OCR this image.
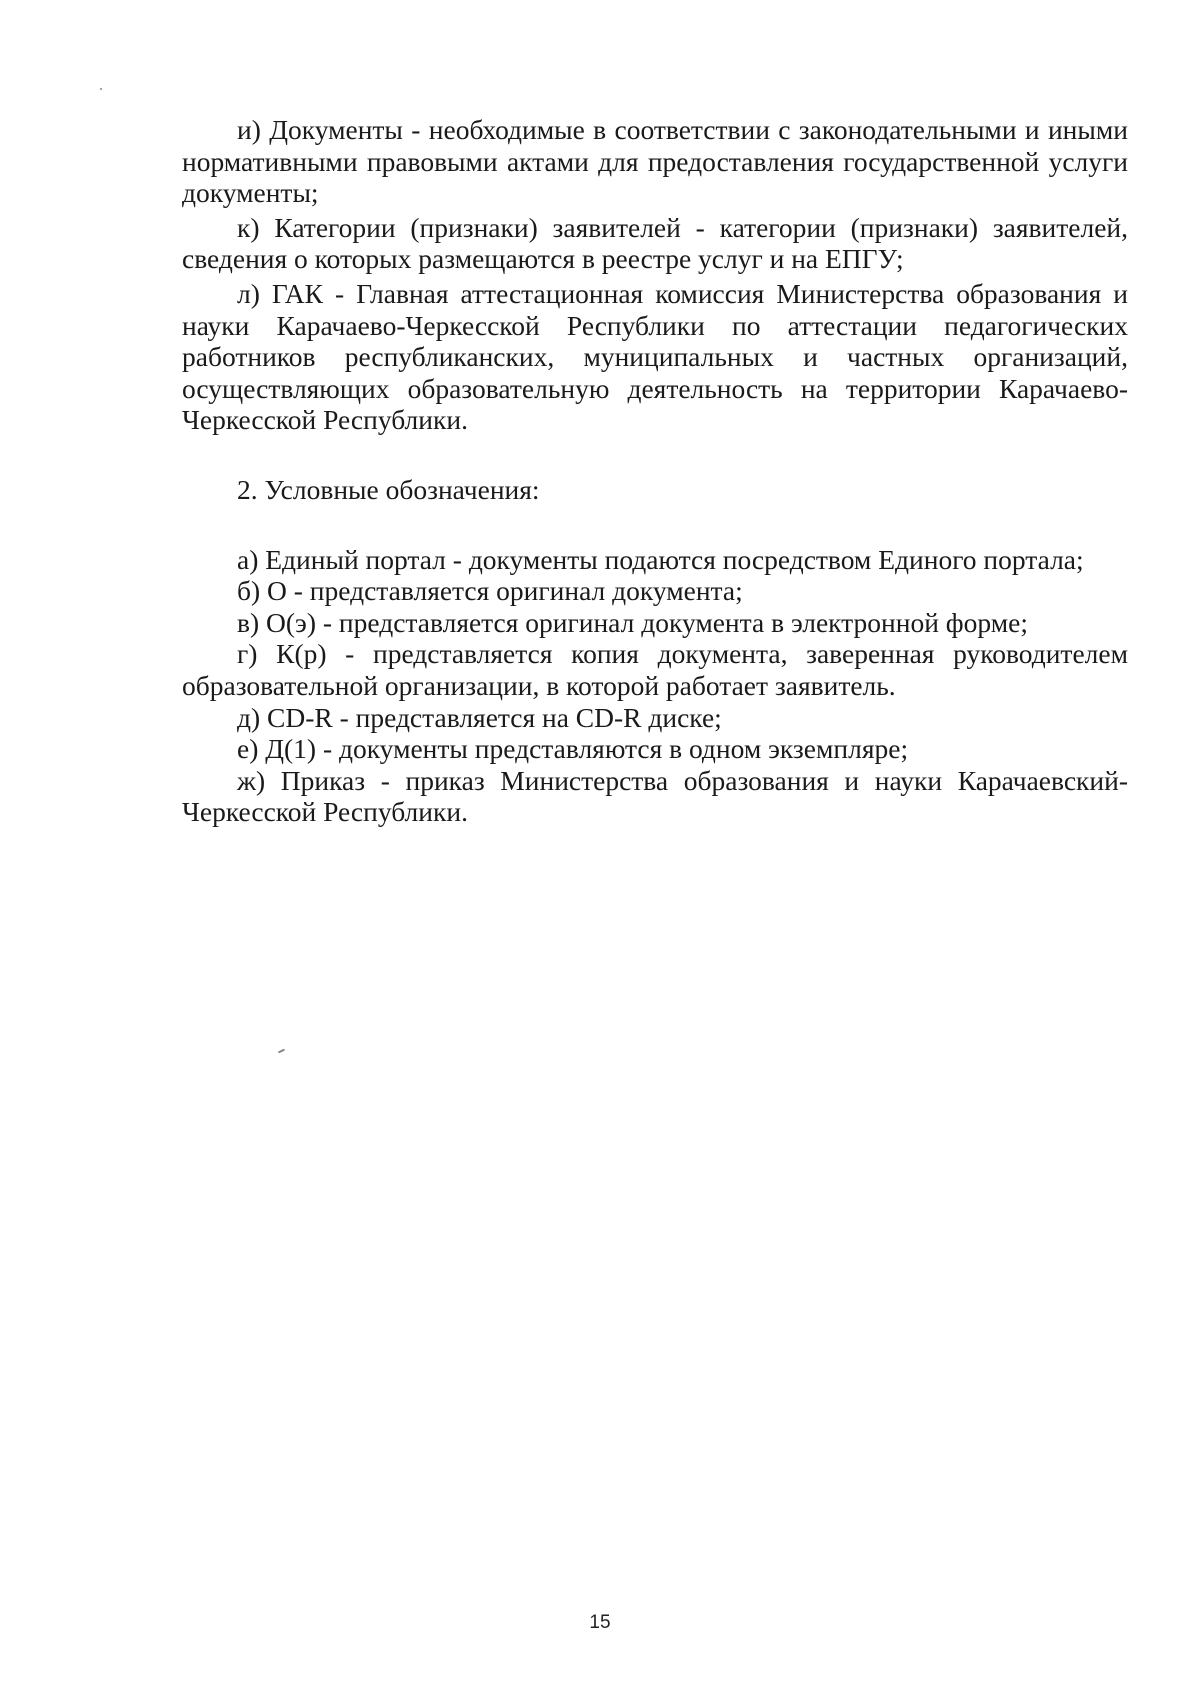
и) Документы - необходимые в соответствии с законодательными и иными нормативными правовыми актами для предоставления государственной услуги документы;

к) Категории (признаки) заявителей - категории (признаки) заявителей, сведения о которых размещаются в реестре услуг и на ЕПГУ;

л) ГАК - Главная аттестационная комиссия Министерства образования и науки Карачаево-Черкесской Республики по аттестации педагогических работников республиканских, муниципальных и частных организаций, осуществляющих образовательную деятельность на территории Карачаево-Черкесской Республики.

2. Условные обозначения:

а) Единый портал - документы подаются посредством Единого портала;

б) О - представляется оригинал документа;

в) О(э) - представляется оригинал документа в электронной форме;

г) К(р) - представляется копия документа, заверенная руководителем образовательной организации, в которой работает заявитель.

д) CD-R - представляется на CD-R диске;

е) Д(1) - документы представляются в одном экземпляре;

ж) Приказ - приказ Министерства образования и науки Карачаевский-Черкесской Республики.

15
